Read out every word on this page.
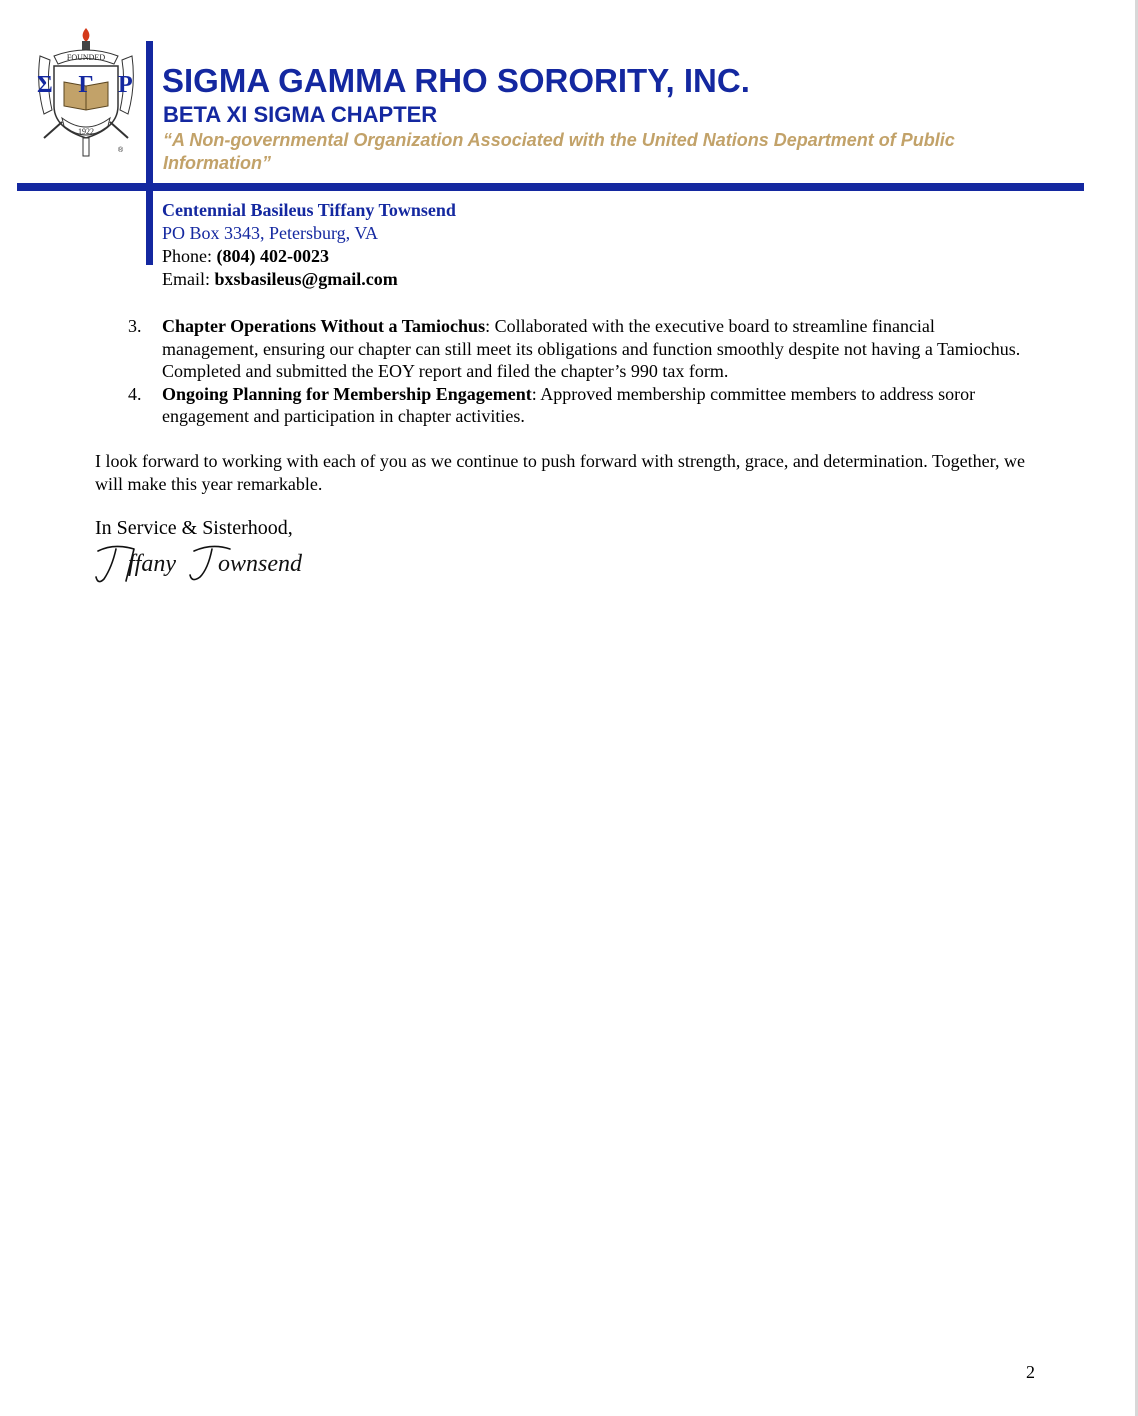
FOUNDED
Σ Γ Ρ
1922
®
SIGMA GAMMA RHO SORORITY, INC.
BETA XI SIGMA CHAPTER

“A Non-governmental Organization Associated with the United Nations Department of Public Information”

Centennial Basileus Tiffany Townsend
PO Box 3343, Petersburg, VA
Phone: (804) 402-0023
Email: bxsbasileus@gmail.com
3. Chapter Operations Without a Tamiochus: Collaborated with the executive board to streamline financial management, ensuring our chapter can still meet its obligations and function smoothly despite not having a Tamiochus. Completed and submitted the EOY report and filed the chapter’s 990 tax form.
4. Ongoing Planning for Membership Engagement: Approved membership committee members to address soror engagement and participation in chapter activities.

I look forward to working with each of you as we continue to push forward with strength, grace, and determination. Together, we will make this year remarkable.

In Service & Sisterhood,

ffany ownsend
2
